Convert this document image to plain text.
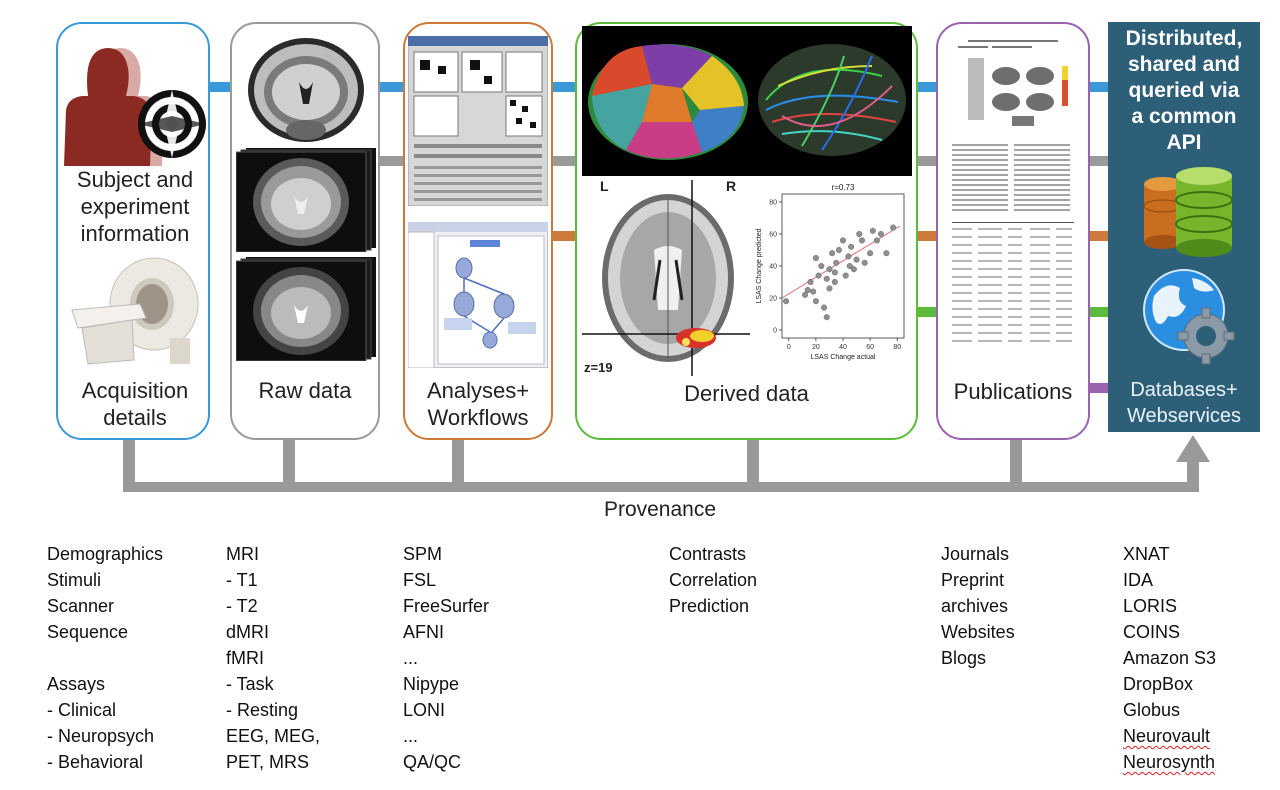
Provenance
Subject and
experiment
information
Acquisition
details
Raw data	Analyses+
Workflows
L	R
z=19
0	20	40	60	80
0
20
40
60
80
r=0.73
LSAS Change actual
LSAS Change predicted
Derived data	Publications
Distributed,
shared and
queried via
a common
API
Databases+
Webservices
Demographics
Stimuli
Scanner
Sequence
Assays
- Clinical
- Neuropsych
- Behavioral
MRI
- T1
- T2
dMRI
fMRI
- Task
- Resting
EEG, MEG,
PET, MRS
SPM
FSL
FreeSurfer
AFNI
...
Nipype
LONI
...
QA/QC
Contrasts
Correlation
Prediction
Journals
Preprint
archives
Websites
Blogs
XNAT
IDA
LORIS
COINS
Amazon S3
DropBox
Globus
Neurovault
Neurosynth
